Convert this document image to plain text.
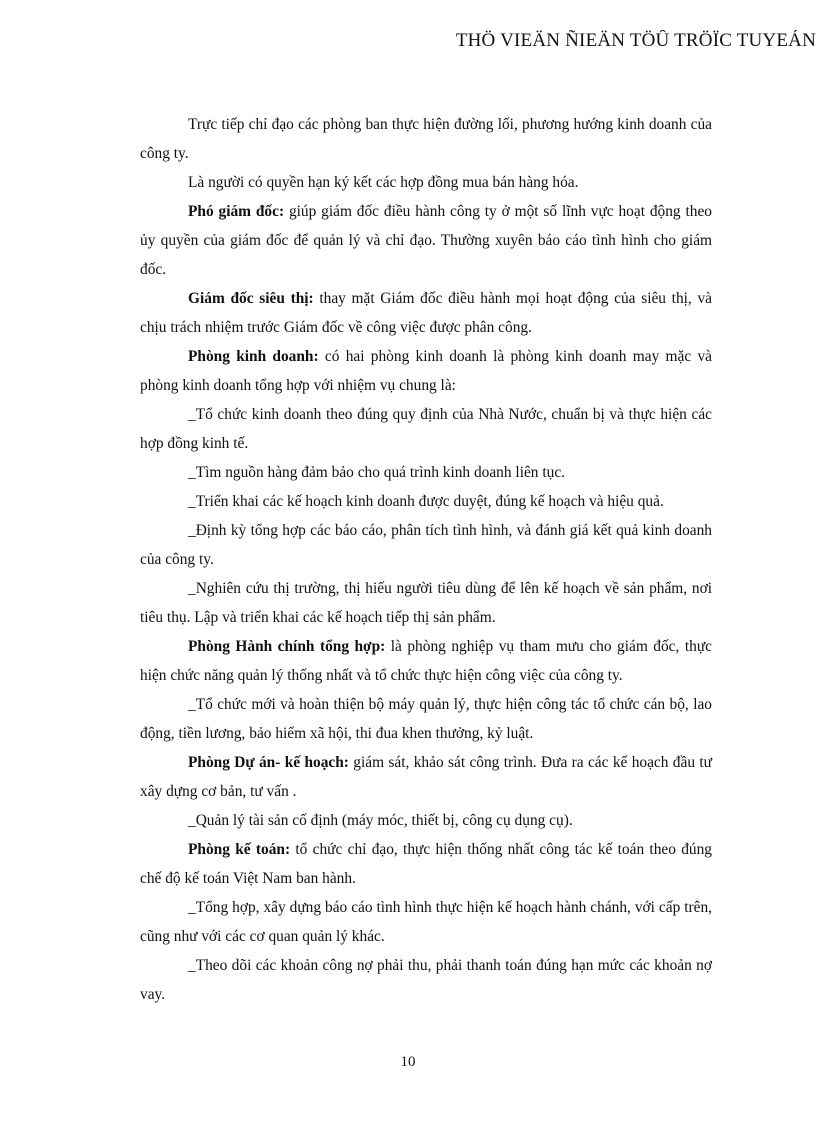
THÖ VIEÄN ÑIEÄN TÖÛ TRÖÏC TUYEÁN

Trực tiếp chỉ đạo các phòng ban thực hiện đường lối, phương hướng kinh doanh của công ty.

Là người có quyền hạn ký kết các hợp đồng mua bán hàng hóa.

Phó giám đốc: giúp giám đốc điều hành công ty ở một số lĩnh vực hoạt động theo ủy quyền của giám đốc để quản lý và chỉ đạo. Thường xuyên báo cáo tình hình cho giám đốc.

Giám đốc siêu thị: thay mặt Giám đốc điều hành mọi hoạt động của siêu thị, và chịu trách nhiệm trước Giám đốc về công việc được phân công.

Phòng kinh doanh: có hai phòng kinh doanh là phòng kinh doanh may mặc và phòng kinh doanh tổng hợp với nhiệm vụ chung là:

_Tổ chức kinh doanh theo đúng quy định của Nhà Nước, chuẩn bị và thực hiện các hợp đồng kinh tế.

_Tìm nguồn hàng đảm bảo cho quá trình kinh doanh liên tục.

_Triển khai các kế hoạch kinh doanh được duyệt, đúng kế hoạch và hiệu quả.

_Định kỳ tổng hợp các báo cáo, phân tích tình hình, và đánh giá kết quả kinh doanh của công ty.

_Nghiên cứu thị trường, thị hiếu người tiêu dùng để lên kế hoạch về sản phẩm, nơi tiêu thụ. Lập và triển khai các kế hoạch tiếp thị sản phẩm.

Phòng Hành chính tổng hợp: là phòng nghiệp vụ tham mưu cho giám đốc, thực hiện chức năng quản lý thống nhất và tổ chức thực hiện công việc của công ty.

_Tổ chức mới và hoàn thiện bộ máy quản lý, thực hiện công tác tổ chức cán bộ, lao động, tiền lương, bảo hiểm xã hội, thi đua khen thưởng, kỷ luật.

Phòng Dự án- kế hoạch: giám sát, khảo sát công trình. Đưa ra các kế hoạch đầu tư xây dựng cơ bản, tư vấn .

_Quản lý tài sản cố định (máy móc, thiết bị, công cụ dụng cụ).

Phòng kế toán: tổ chức chỉ đạo, thực hiện thống nhất công tác kế toán theo đúng chế độ kế toán Việt Nam ban hành.

_Tổng hợp, xây dựng báo cáo tình hình thực hiện kế hoạch hành chánh, với cấp trên, cũng như với các cơ quan quản lý khác.

_Theo dõi các khoản công nợ phải thu, phải thanh toán đúng hạn mức các khoản nợ vay.

10
